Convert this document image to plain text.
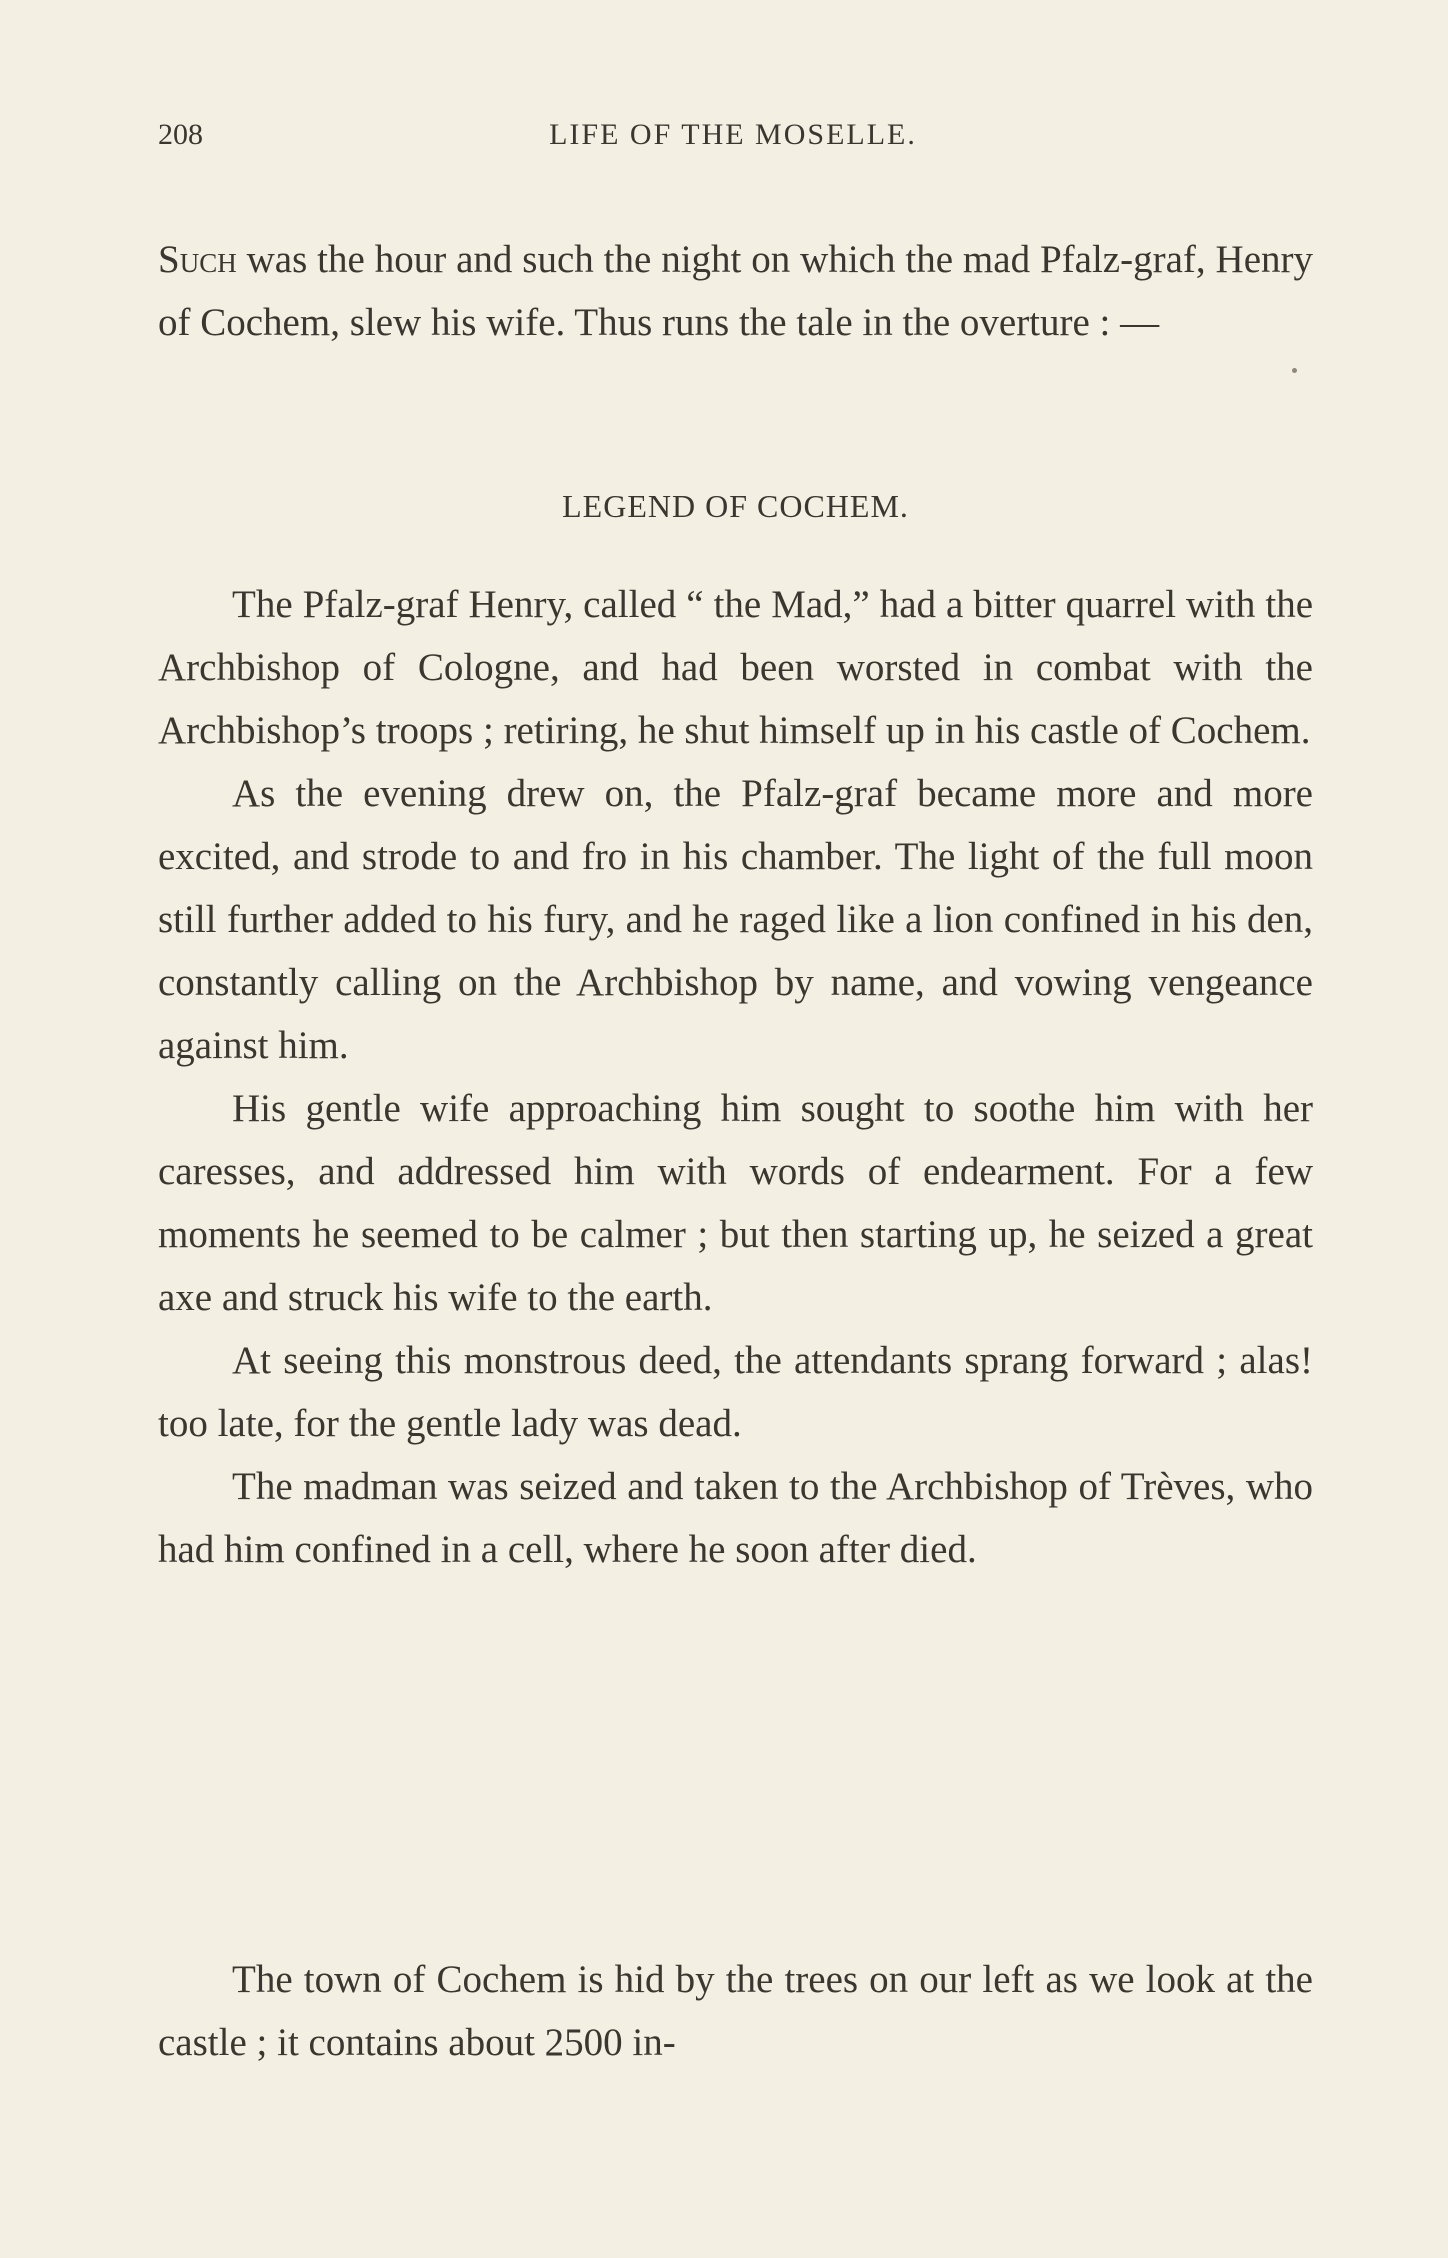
208	LIFE OF THE MOSELLE.

Such was the hour and such the night on which the mad Pfalz-graf, Henry of Cochem, slew his wife. Thus runs the tale in the overture : —

LEGEND OF COCHEM.

The Pfalz-graf Henry, called “ the Mad,” had a bitter quarrel with the Archbishop of Cologne, and had been worsted in combat with the Archbishop’s troops ; retiring, he shut himself up in his castle of Cochem.

As the evening drew on, the Pfalz-graf became more and more excited, and strode to and fro in his chamber. The light of the full moon still further added to his fury, and he raged like a lion confined in his den, constantly calling on the Archbishop by name, and vowing vengeance against him.

His gentle wife approaching him sought to soothe him with her caresses, and addressed him with words of endearment. For a few moments he seemed to be calmer ; but then starting up, he seized a great axe and struck his wife to the earth.

At seeing this monstrous deed, the attendants sprang forward ; alas! too late, for the gentle lady was dead.

The madman was seized and taken to the Archbishop of Trèves, who had him confined in a cell, where he soon after died.

The town of Cochem is hid by the trees on our left as we look at the castle ; it contains about 2500 in-
